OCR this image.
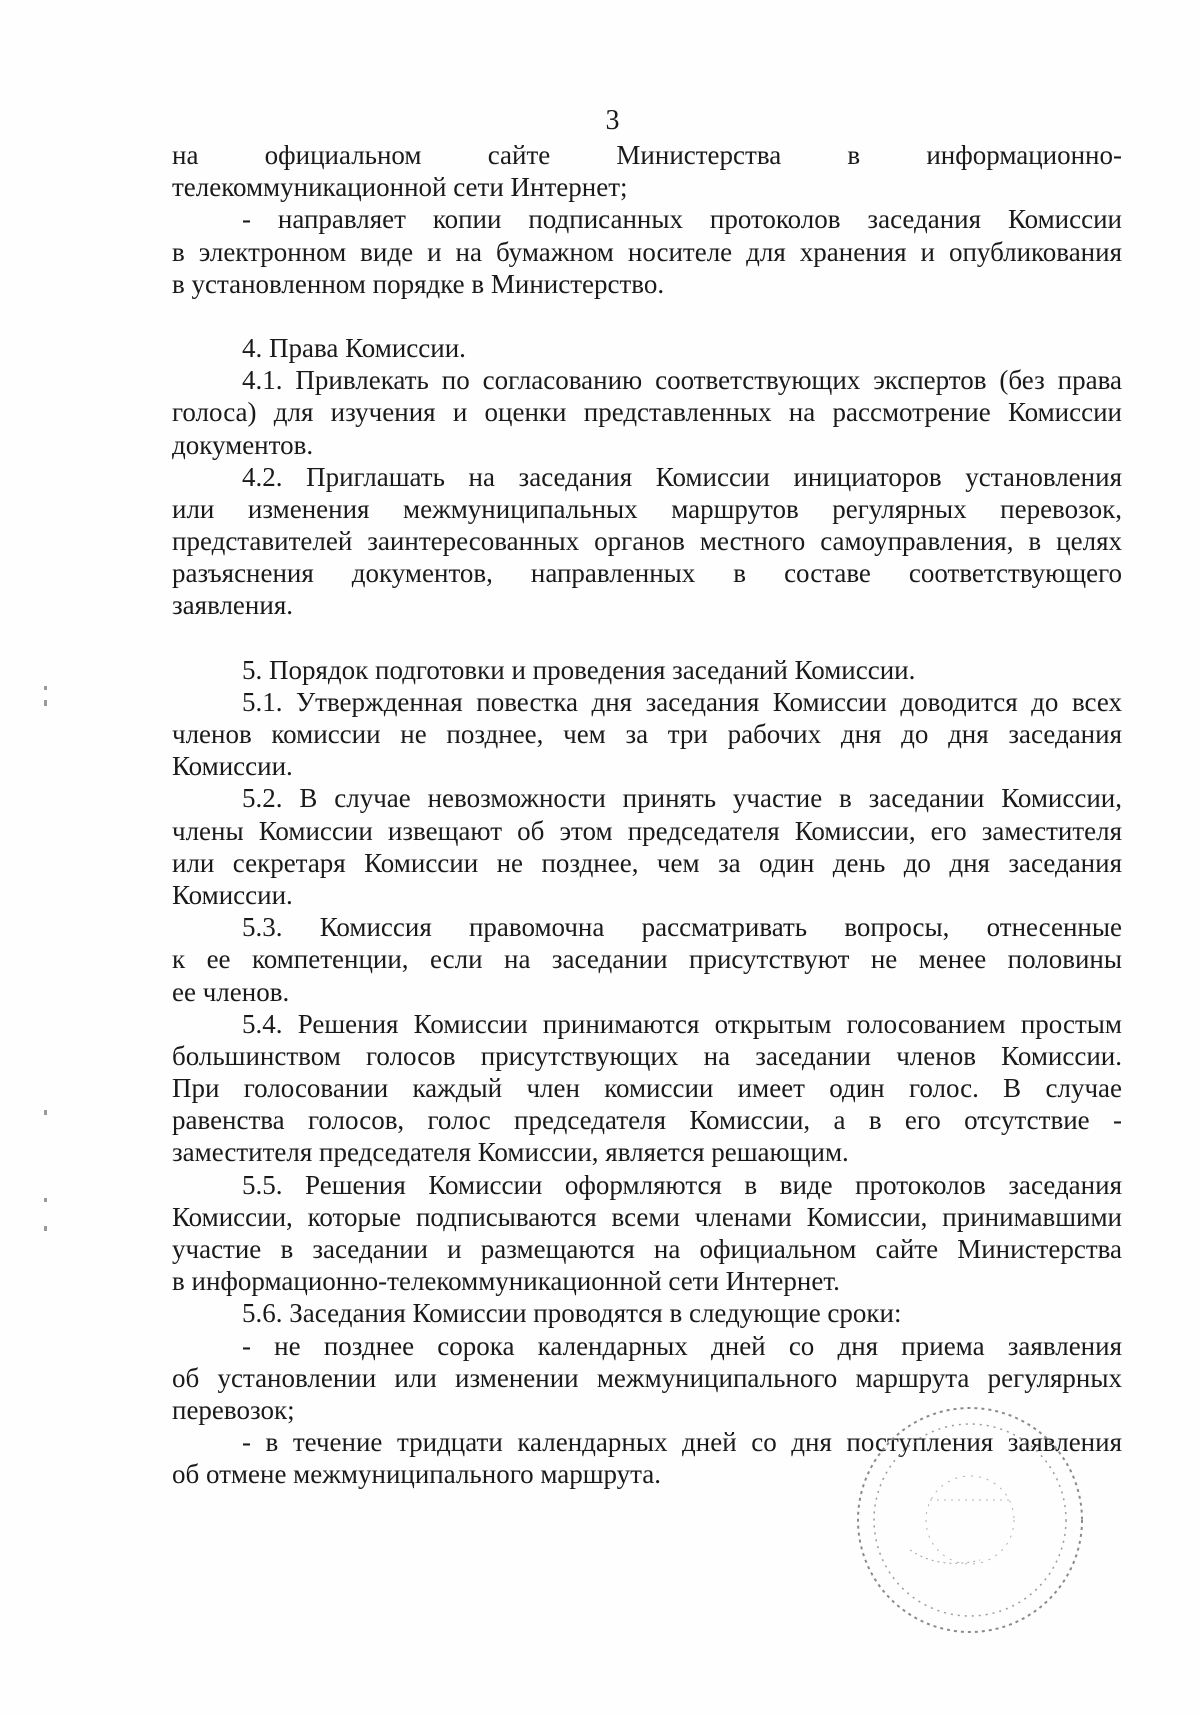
3
на официальном сайте Министерства в информационно-
телекоммуникационной сети Интернет;
- направляет копии подписанных протоколов заседания Комиссии
в электронном виде и на бумажном носителе для хранения и опубликования
в установленном порядке в Министерство.
4. Права Комиссии.
4.1. Привлекать по согласованию соответствующих экспертов (без права
голоса) для изучения и оценки представленных на рассмотрение Комиссии
документов.
4.2. Приглашать на заседания Комиссии инициаторов установления
или изменения межмуниципальных маршрутов регулярных перевозок,
представителей заинтересованных органов местного самоуправления, в целях
разъяснения документов, направленных в составе соответствующего
заявления.
5. Порядок подготовки и проведения заседаний Комиссии.
5.1. Утвержденная повестка дня заседания Комиссии доводится до всех
членов комиссии не позднее, чем за три рабочих дня до дня заседания
Комиссии.
5.2. В случае невозможности принять участие в заседании Комиссии,
члены Комиссии извещают об этом председателя Комиссии, его заместителя
или секретаря Комиссии не позднее, чем за один день до дня заседания
Комиссии.
5.3. Комиссия правомочна рассматривать вопросы, отнесенные
к ее компетенции, если на заседании присутствуют не менее половины
ее членов.
5.4. Решения Комиссии принимаются открытым голосованием простым
большинством голосов присутствующих на заседании членов Комиссии.
При голосовании каждый член комиссии имеет один голос. В случае
равенства голосов, голос председателя Комиссии, а в его отсутствие -
заместителя председателя Комиссии, является решающим.
5.5. Решения Комиссии оформляются в виде протоколов заседания
Комиссии, которые подписываются всеми членами Комиссии, принимавшими
участие в заседании и размещаются на официальном сайте Министерства
в информационно-телекоммуникационной сети Интернет.
5.6. Заседания Комиссии проводятся в следующие сроки:
- не позднее сорока календарных дней со дня приема заявления
об установлении или изменении межмуниципального маршрута регулярных
перевозок;
- в течение тридцати календарных дней со дня поступления заявления
об отмене межмуниципального маршрута.
